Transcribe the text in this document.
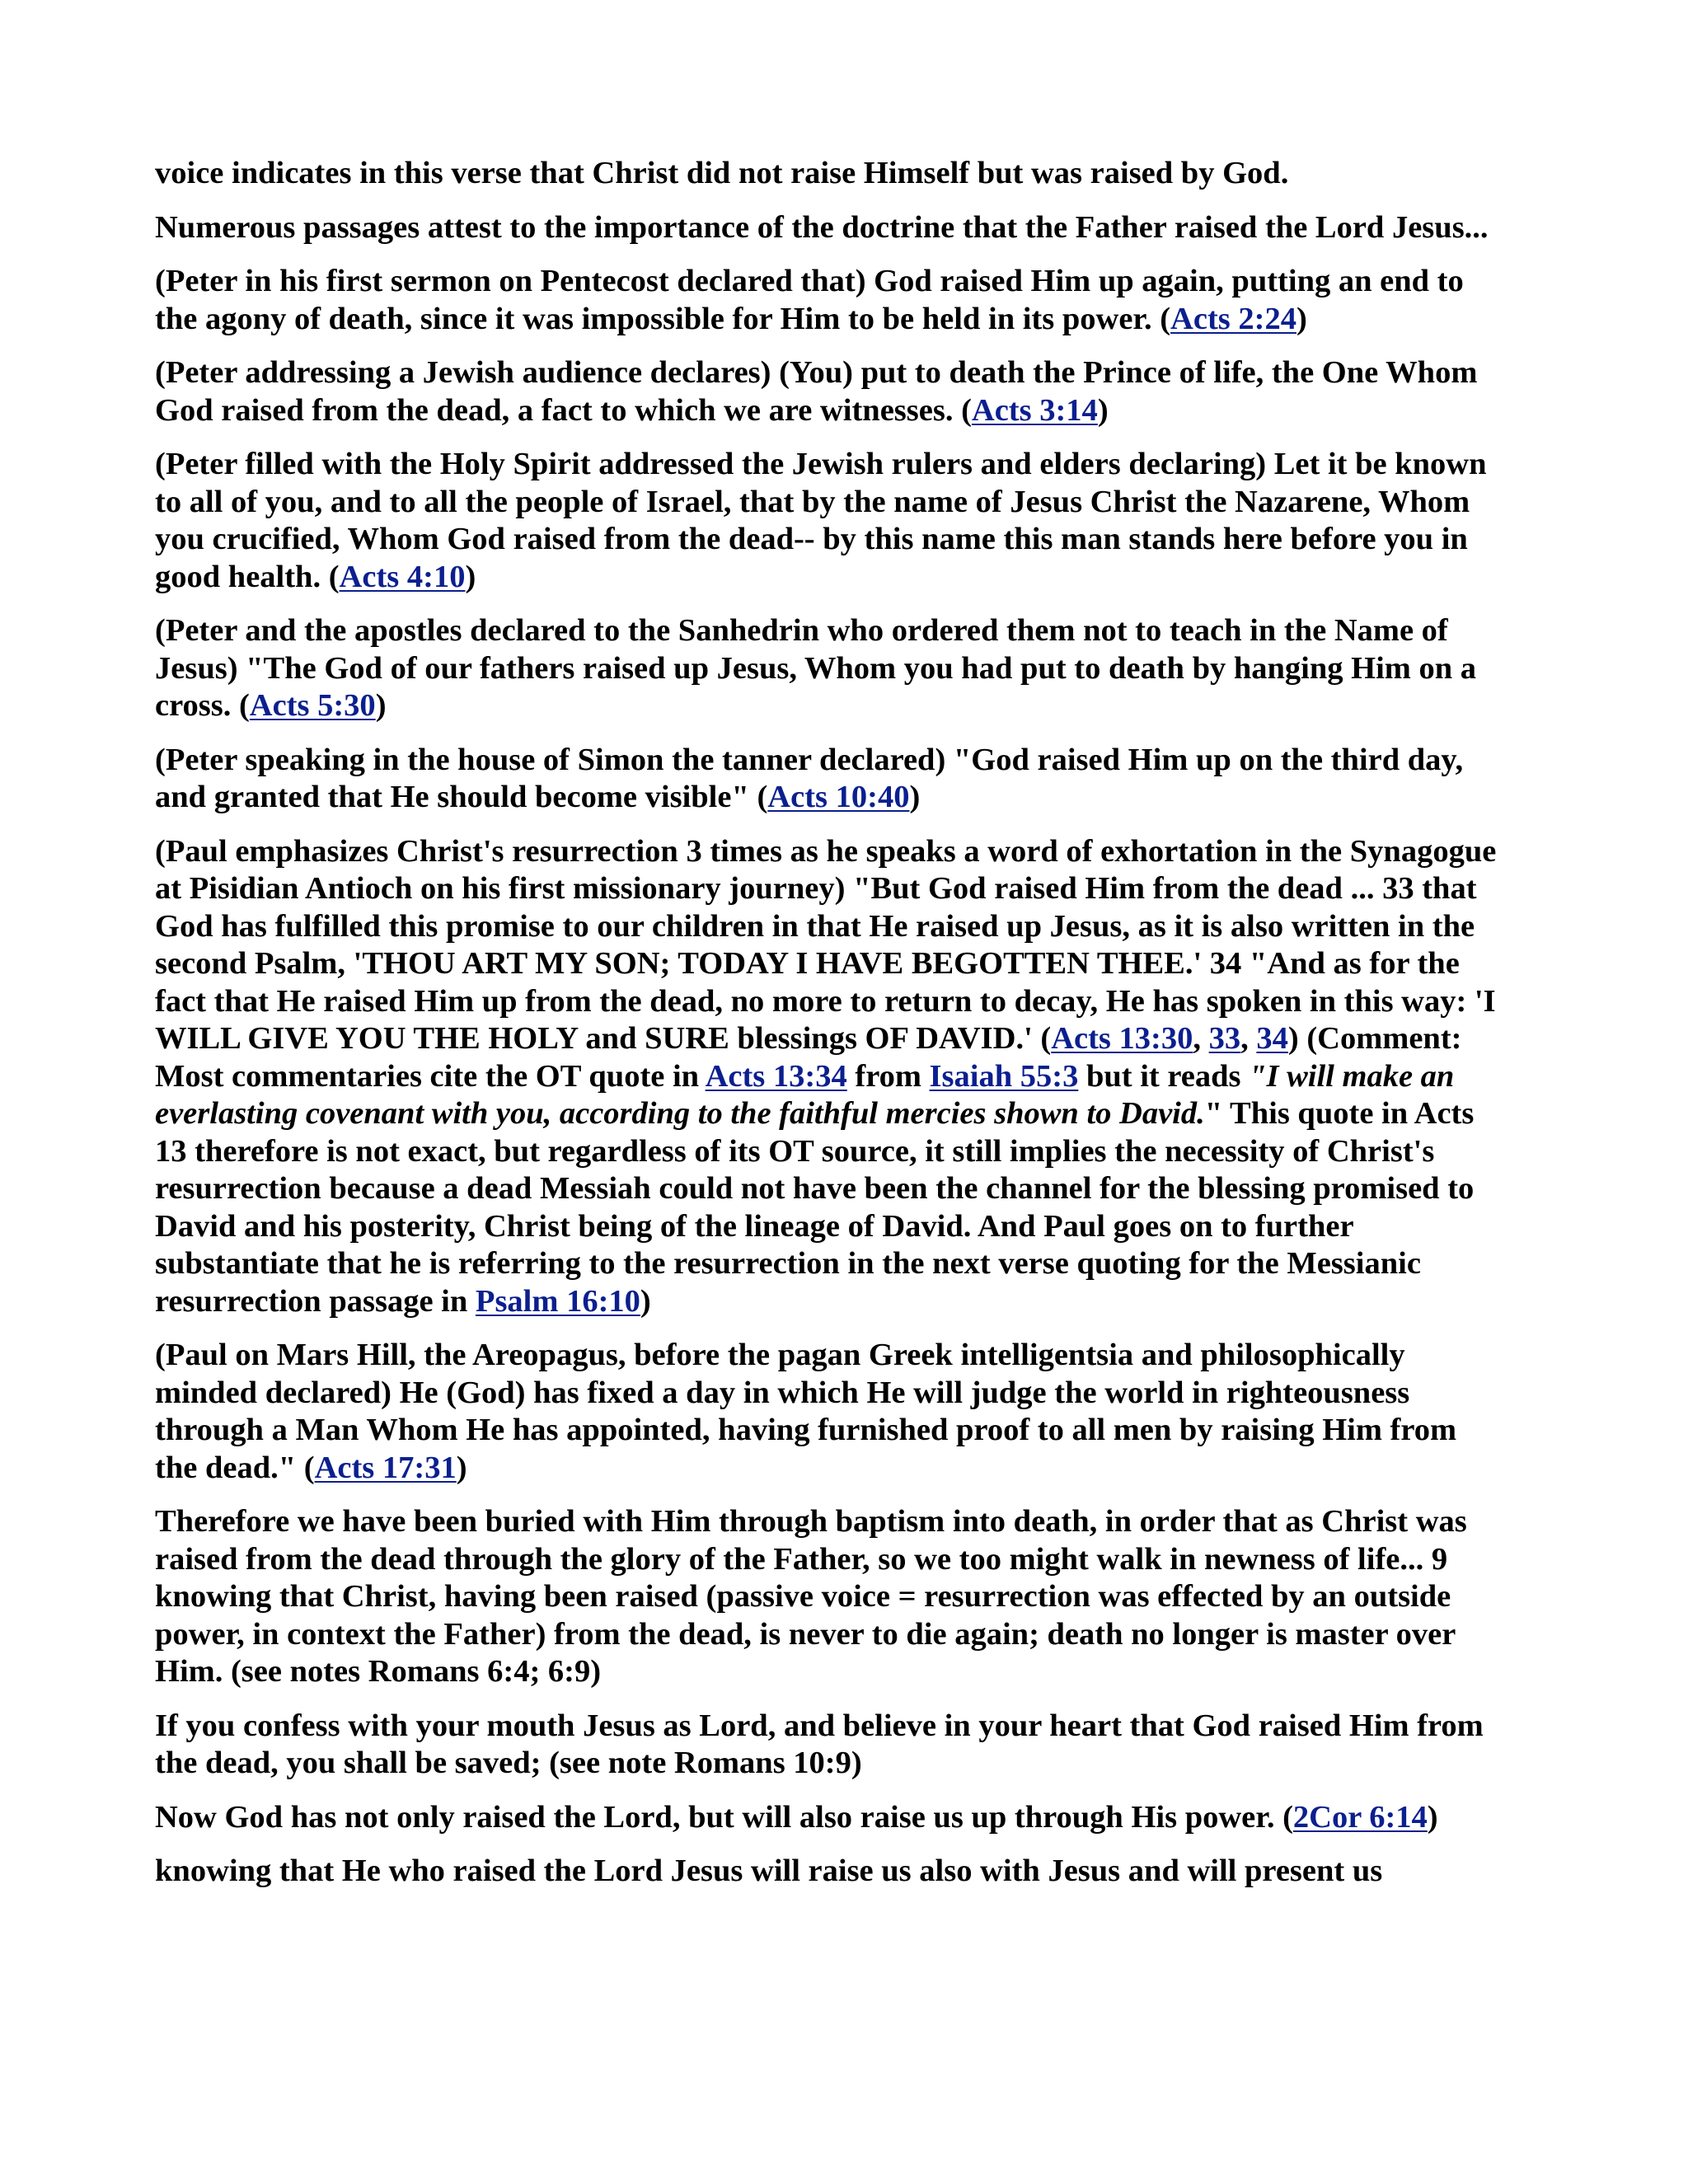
voice indicates in this verse that Christ did not raise Himself but was raised by God.

Numerous passages attest to the importance of the doctrine that the Father raised the Lord Jesus...

(Peter in his first sermon on Pentecost declared that) God raised Him up again, putting an end to the agony of death, since it was impossible for Him to be held in its power. (Acts 2:24)

(Peter addressing a Jewish audience declares) (You) put to death the Prince of life, the One Whom God raised from the dead, a fact to which we are witnesses. (Acts 3:14)

(Peter filled with the Holy Spirit addressed the Jewish rulers and elders declaring) Let it be known to all of you, and to all the people of Israel, that by the name of Jesus Christ the Nazarene, Whom you crucified, Whom God raised from the dead-- by this name this man stands here before you in good health. (Acts 4:10)

(Peter and the apostles declared to the Sanhedrin who ordered them not to teach in the Name of Jesus) "The God of our fathers raised up Jesus, Whom you had put to death by hanging Him on a cross. (Acts 5:30)

(Peter speaking in the house of Simon the tanner declared) "God raised Him up on the third day, and granted that He should become visible" (Acts 10:40)

(Paul emphasizes Christ's resurrection 3 times as he speaks a word of exhortation in the Synagogue at Pisidian Antioch on his first missionary journey) "But God raised Him from the dead ... 33 that God has fulfilled this promise to our children in that He raised up Jesus, as it is also written in the second Psalm, 'THOU ART MY SON; TODAY I HAVE BEGOTTEN THEE.' 34 "And as for the fact that He raised Him up from the dead, no more to return to decay, He has spoken in this way: 'I WILL GIVE YOU THE HOLY and SURE blessings OF DAVID.' (Acts 13:30, 33, 34) (Comment: Most commentaries cite the OT quote in Acts 13:34 from Isaiah 55:3 but it reads "I will make an everlasting covenant with you, according to the faithful mercies shown to David." This quote in Acts 13 therefore is not exact, but regardless of its OT source, it still implies the necessity of Christ's resurrection because a dead Messiah could not have been the channel for the blessing promised to David and his posterity, Christ being of the lineage of David. And Paul goes on to further substantiate that he is referring to the resurrection in the next verse quoting for the Messianic resurrection passage in Psalm 16:10)

(Paul on Mars Hill, the Areopagus, before the pagan Greek intelligentsia and philosophically minded declared) He (God) has fixed a day in which He will judge the world in righteousness through a Man Whom He has appointed, having furnished proof to all men by raising Him from the dead." (Acts 17:31)

Therefore we have been buried with Him through baptism into death, in order that as Christ was raised from the dead through the glory of the Father, so we too might walk in newness of life... 9 knowing that Christ, having been raised (passive voice = resurrection was effected by an outside power, in context the Father) from the dead, is never to die again; death no longer is master over Him. (see notes Romans 6:4; 6:9)

If you confess with your mouth Jesus as Lord, and believe in your heart that God raised Him from the dead, you shall be saved; (see note Romans 10:9)

Now God has not only raised the Lord, but will also raise us up through His power. (2Cor 6:14)

knowing that He who raised the Lord Jesus will raise us also with Jesus and will present us
